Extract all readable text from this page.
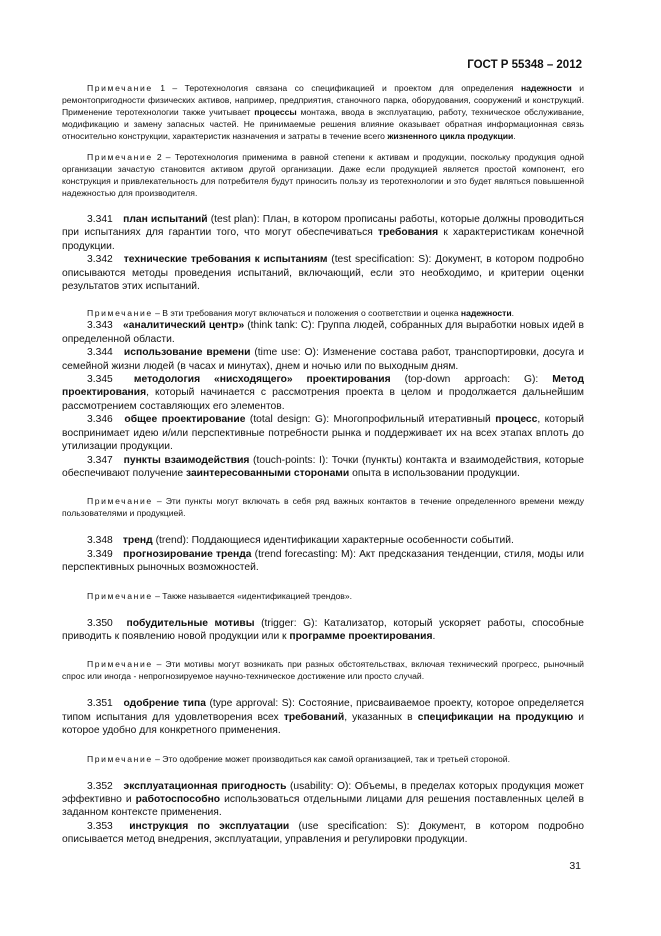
ГОСТ Р 55348 – 2012

Примечание 1 – Теротехнология связана со спецификацией и проектом для определения надежности и ремонтопригодности физических активов, например, предприятия, станочного парка, оборудования, сооружений и конструкций. Применение теротехнологии также учитывает процессы монтажа, ввода в эксплуатацию, работу, техническое обслуживание, модификацию и замену запасных частей. Не принимаемые решения влияние оказывает обратная информационная связь относительно конструкции, характеристик назначения и затраты в течение всего жизненного цикла продукции.

Примечание 2 – Теротехнология применима в равной степени к активам и продукции, поскольку продукция одной организации зачастую становится активом другой организации. Даже если продукцией является простой компонент, его конструкция и привлекательность для потребителя будут приносить пользу из теротехнологии и это будет являться повышенной надежностью для производителя.

3.341 план испытаний (test plan): План, в котором прописаны работы, которые должны проводиться при испытаниях для гарантии того, что могут обеспечиваться требования к характеристикам конечной продукции.

3.342 технические требования к испытаниям (test specification: S): Документ, в котором подробно описываются методы проведения испытаний, включающий, если это необходимо, и критерии оценки результатов этих испытаний.

Примечание – В эти требования могут включаться и положения о соответствии и оценка надежности.

3.343 «аналитический центр» (think tank: C): Группа людей, собранных для выработки новых идей в определенной области.

3.344 использование времени (time use: O): Изменение состава работ, транспортировки, досуга и семейной жизни людей (в часах и минутах), днем и ночью или по выходным дням.

3.345 методология «нисходящего» проектирования (top-down approach: G): Метод проектирования, который начинается с рассмотрения проекта в целом и продолжается дальнейшим рассмотрением составляющих его элементов.

3.346 общее проектирование (total design: G): Многопрофильный итеративный процесс, который воспринимает идею и/или перспективные потребности рынка и поддерживает их на всех этапах вплоть до утилизации продукции.

3.347 пункты взаимодействия (touch-points: I): Точки (пункты) контакта и взаимодействия, которые обеспечивают получение заинтересованными сторонами опыта в использовании продукции.

Примечание – Эти пункты могут включать в себя ряд важных контактов в течение определенного времени между пользователями и продукцией.

3.348 тренд (trend): Поддающиеся идентификации характерные особенности событий.

3.349 прогнозирование тренда (trend forecasting: M): Акт предсказания тенденции, стиля, моды или перспективных рыночных возможностей.

Примечание – Также называется «идентификацией трендов».

3.350 побудительные мотивы (trigger: G): Катализатор, который ускоряет работы, способные приводить к появлению новой продукции или к программе проектирования.

Примечание – Эти мотивы могут возникать при разных обстоятельствах, включая технический прогресс, рыночный спрос или иногда - непрогнозируемое научно-техническое достижение или просто случай.

3.351 одобрение типа (type approval: S): Состояние, присваиваемое проекту, которое определяется типом испытания для удовлетворения всех требований, указанных в спецификации на продукцию и которое удобно для конкретного применения.

Примечание – Это одобрение может производиться как самой организацией, так и третьей стороной.

3.352 эксплуатационная пригодность (usability: O): Объемы, в пределах которых продукция может эффективно и работоспособно использоваться отдельными лицами для решения поставленных целей в заданном контексте применения.

3.353 инструкция по эксплуатации (use specification: S): Документ, в котором подробно описывается метод внедрения, эксплуатации, управления и регулировки продукции.

31
